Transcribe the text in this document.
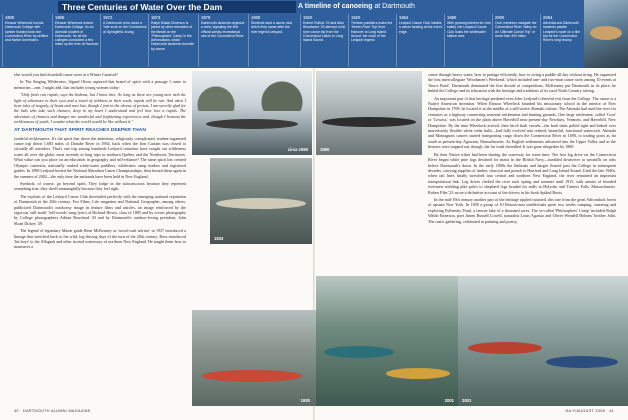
Three Centuries of Water Over the Dam	A timeline of canoeing at Dartmouth
1800
Eleazar Wheelock founds Dartmouth College with lumber floated down the Connecticut River by settlers and Native Americans.
1805
Eleazar Wheelock leaves Dartmouth College. As an Abenaki student of Dartmouth, 'tis all the colleges conducted a few miles up the river at Hanover.
1872
A Dartmouth crew races a Yale scull on the Connecticut at Springfield, losing.
1873
Ralph Waldo Emerson is joined by other members of the literati on the 'Philosophers' Camp' in the Adirondacks, which Dartmouth students recreate by canoe.
1879
Dartmouth students organize a crew, signaling the first official varsity recreational use of the Connecticut River.
1900
Students start a canoe club, which they name after the river legend Ledyard.
1920
Robert Rollins '20 and Alan Woodward '20 attempt a full-river canoe trip from the Connecticut Lakes to Long Island Sound.
1920
Thirteen paddlers make the 'Seven-River Trip' from Hanover to Long Island Sound, the route of the Ledyard legend.
1964
Ledyard Canoe Club installs a canoe landing at the river's edge.
1980
With growing interest for river safety, the Ledyard Canoe Club hosts the whitewater slalom race.
2000
Club members navigate the Connecticut River Valley on an 'Ultimate Canoe Trip' of more than 400 miles.
2004
Adventurous Dartmouth students paddle Ledyard's route on a film trip for the Connecticut River's long history.

else would you find downhill canoe races at a Winter Carnival?

In The Singing Wilderness, Sigurd Olson captured that brand of spirit with a passage I came to memorize—one, I might add, that includes young women today:

"Only fools run rapids, says the Indians, but I know this: As long as there are young men with the light of adventure in their eyes and a touch of wildness in their souls, rapids will be run. And when I hear tales of tragedy, of boats and men lost, though I join in the chorus of protest, I am secretly glad for the lads who take such chances, deep in my heart I understand and feel how love a rapids. The adventure of chances and danger are wonderful and frightening experiences and, though I bemoan the recklessness of youth, I wonder what the world would be like without it."

AT DARTMOUTH THAT SPIRIT REACHES DEEPER THAN

youthful recklessness. It's the spirit that drove the ambitious, religiously complicated, student-organized canoe trip down 1,683 miles of Danube River in 1964, back when the Iron Curtain was closed to virtually all outsiders. That's one trip among hundreds Ledyard canoeists have sought out wilderness water all over the globe, most recently in long trips in northern Québec and the Northwest Territories. What value can you place on an education in geography and self-reliance? The same spirit has created Olympic canoeists, nationally ranked white-water paddlers, wilderness camp leaders and registered guides. In 1988 Ledyard hosted the National Marathon Canoe Championships, then hosted them again in the summer of 2002—the only time the nationals have been held in New England.

Symbols, of course, go beyond spirit. They lodge in the subconscious because they represent something true, they dwell meaningfully because they feel right.

The exploits of the Ledyard Canoe Club dovetailed perfectly with the emerging national reputation of Dartmouth in the 20th century. Fox Films, Life magazine and National Geographic, among others, publicized Dartmouth's outdoorsy image in feature films and articles, an image reinforced by the vigorous 'still-north' 'full-woods' song lyrics of Richard Hovey, class of 1885 and by scenic photographs by College photographers Adrian Bouchard '43 and by Dartmouth's outdoor-loving president, John Sloan Dickey '29.

The legend of legendary Maine guide Rene McKenney as 'wood-craft adviser' in 1937 introduced a lineage that stretched back to the wild, log-driving days of the turn of the 20th century. Ross introduced 'his boys' to the Allagash and other storied waterways of northern New England. He taught them how to maneuver a

circa 1960
1933
1930
1890
2001 2001

canoe through heavy water, how to portage efficiently, how to swing a paddle all day without tiring. He organized the first intercollegiate 'Woodsmen's Weekend,' which included one- and two-man canoe races among 10 events at 'Storrs Pond.' Dartmouth dominated the first decade of competitions. McKenney put Dartmouth in its place; he linked the College and its education with the heritage and traditions of its rural North Country setting.

An important part of that heritage predated even John Ledyard's cheerful exit from the College. The canoe is a Native American invention. When Eleazar Wheelock founded his missionary school in the interior of New Hampshire in 1769, he located it in the middle of a still-active Abenaki culture. The Abenaki had used the river for centuries as a highway connecting seasonal settlements and hunting grounds. One large settlement, called 'Coos' or 'Cowass,' was located on the plain above Haverhill near present-day Newbury, Vermont, and Haverhill, New Hampshire. By the time Wheelock arrived, their birch bark vessels—the bark skins pulled tight and lashed over marvelously flexible white cedar hulls—had fully evolved into refined, beautiful, functional watercraft. Abenaki and Montagnais canoes started transporting cargo down the Connecticut River in 1690, to trading posts as far south as present-day Agawam, Massachusetts. As English settlements advanced into the Upper Valley and as the beavers were trapped out, though, the fur trade dwindled. It was gone altogether by 1800.

By then Native tribes had been sharing the waterway for some time. The first log drive on the Connecticut River began white pine logs destined for masts in the British Navy—tumbled downriver to sawmills on rafts before Dartmouth's dawn. In the early 1800s the flatboats and barges floated past the College in subsequent decades, carrying supplies of timber, charcoal and potash to Hartford and Long Island Sound. Until the late 1940s, when rail lines finally stretched into central and northern New England, the river remained an important transportation link. Log drives choked the river each spring and summer until 1915, with armies of bearded rivermen wielding pike poles to shepherd logs headed for mills in Holyoke and Turners Falls, Massachusetts. Robert Pike '23 wrote a definitive account of the drivers in his book Spiked Boots.

In the mid-19th century another part of the heritage rippled outward, this one from the great Adirondack forest of upstate New York. In 1858 a group of 10 Boston-area intellectuals spent two weeks camping, canoeing and exploring Follensby Pond, a remote lake of a thousand acres. The so-called 'Philosophers' Camp' included Ralph Waldo Emerson, poet James Russell Lowell, naturalist Louis Agassiz and Oliver Wendell Holmes' brother John. The rustic gathering, celebrated in painting and poetry,

40 DARTMOUTH ALUMNI MAGAZINE	JULY/AUGUST 2006 41
